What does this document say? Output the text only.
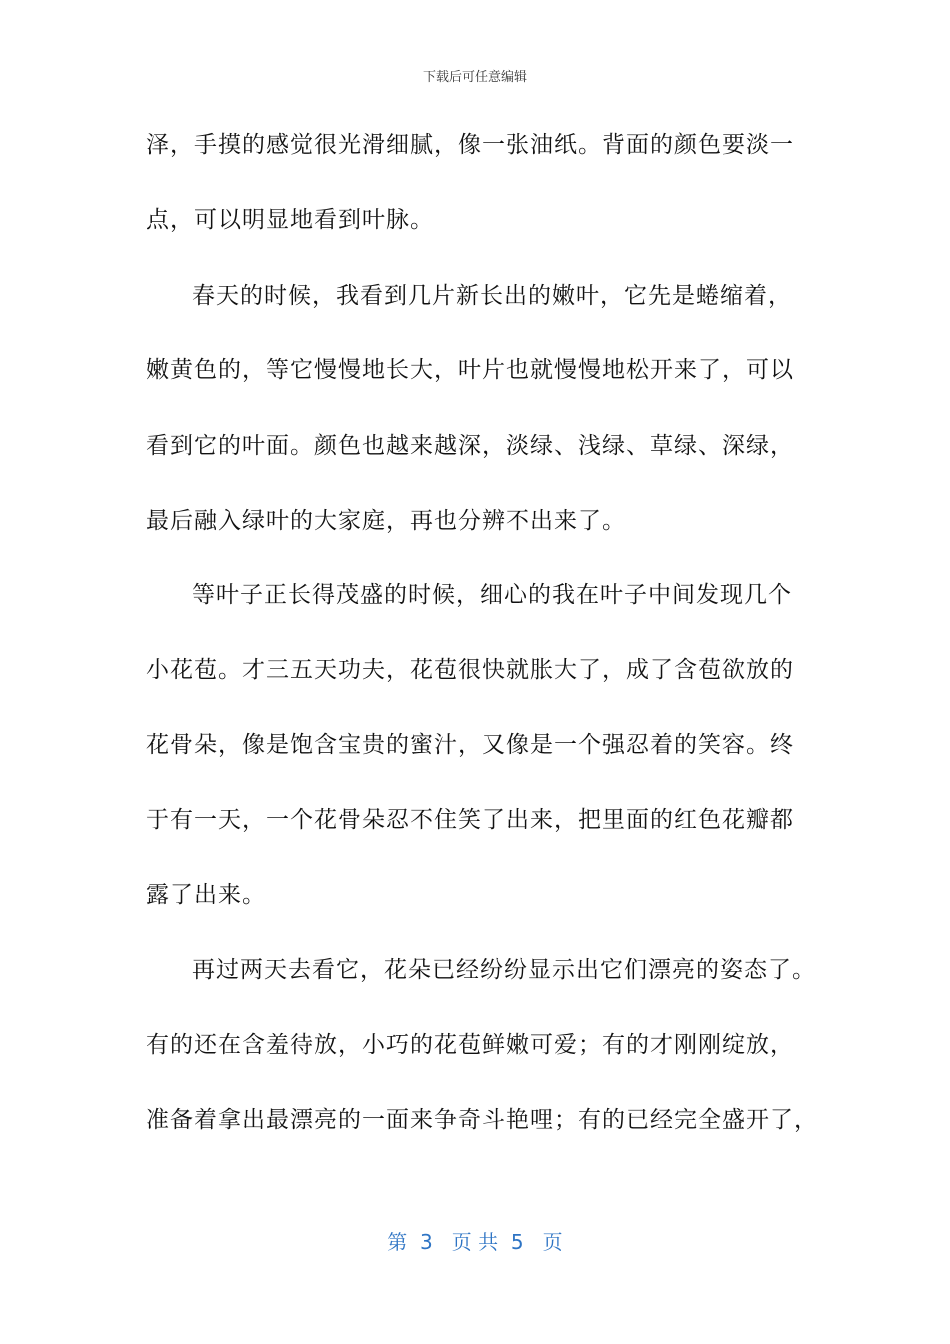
下载后可任意编辑
泽，手摸的感觉很光滑细腻，像一张油纸。背面的颜色要淡一
点，可以明显地看到叶脉。
春天的时候，我看到几片新长出的嫩叶，它先是蜷缩着，
嫩黄色的，等它慢慢地长大，叶片也就慢慢地松开来了，可以
看到它的叶面。颜色也越来越深，淡绿、浅绿、草绿、深绿，
最后融入绿叶的大家庭，再也分辨不出来了。
等叶子正长得茂盛的时候，细心的我在叶子中间发现几个
小花苞。才三五天功夫，花苞很快就胀大了，成了含苞欲放的
花骨朵，像是饱含宝贵的蜜汁，又像是一个强忍着的笑容。终
于有一天，一个花骨朵忍不住笑了出来，把里面的红色花瓣都
露了出来。
再过两天去看它，花朵已经纷纷显示出它们漂亮的姿态了。
有的还在含羞待放，小巧的花苞鲜嫩可爱；有的才刚刚绽放，
准备着拿出最漂亮的一面来争奇斗艳哩；有的已经完全盛开了，
第  3   页 共  5   页
